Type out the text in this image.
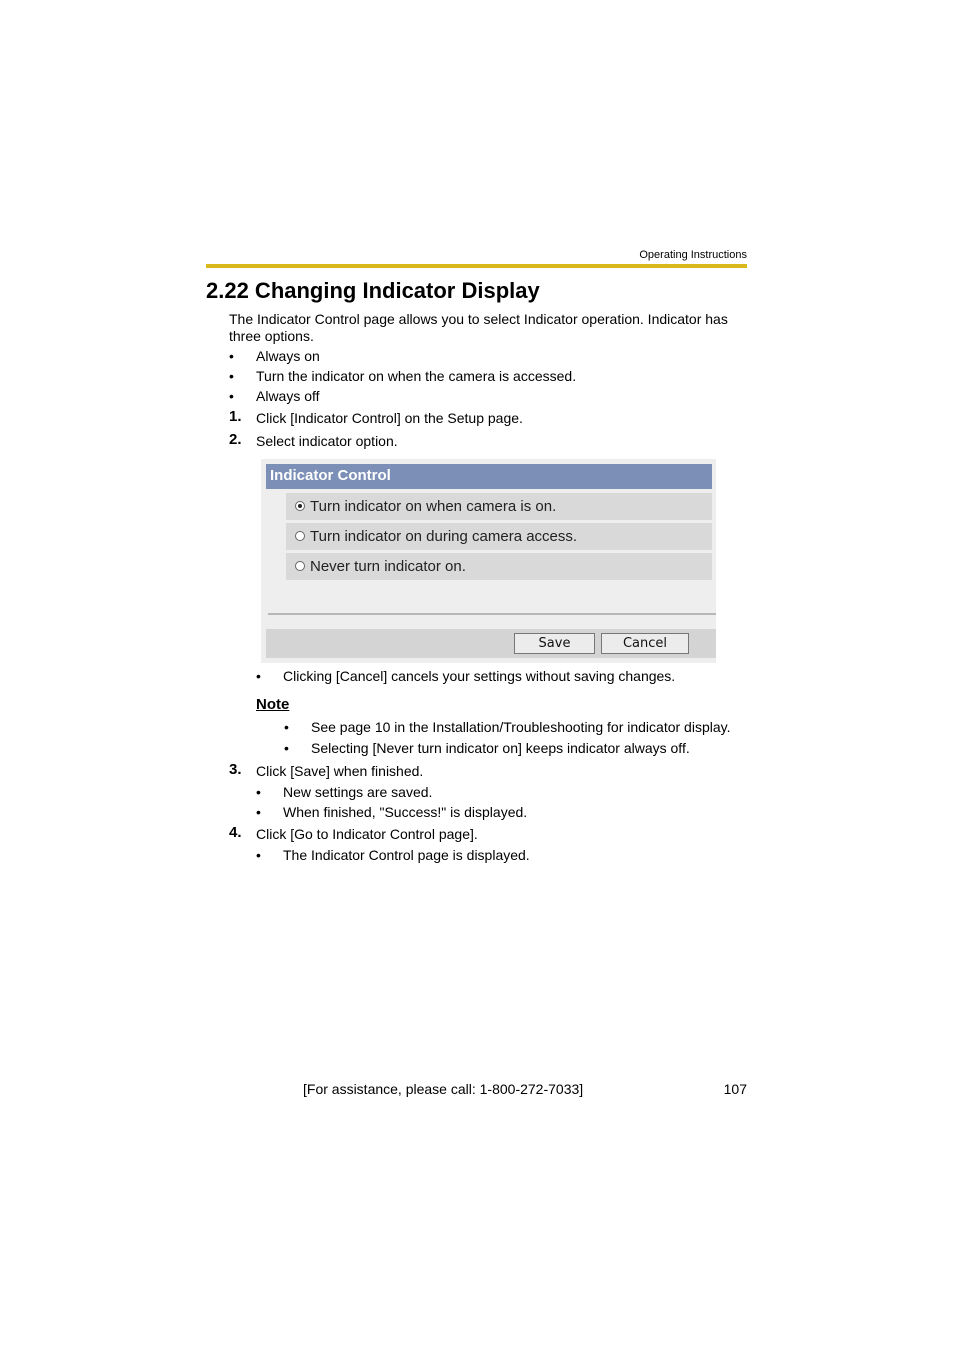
Operating Instructions
2.22 Changing Indicator Display
The Indicator Control page allows you to select Indicator operation. Indicator has
three options.
• Always on
• Turn the indicator on when the camera is accessed.
• Always off
1. Click [Indicator Control] on the Setup page.
2. Select indicator option.
Indicator Control
Turn indicator on when camera is on.
Turn indicator on during camera access.
Never turn indicator on.
Save	Cancel
• Clicking [Cancel] cancels your settings without saving changes.
Note
• See page 10 in the Installation/Troubleshooting for indicator display.
• Selecting [Never turn indicator on] keeps indicator always off.
3. Click [Save] when finished.
• New settings are saved.
• When finished, "Success!" is displayed.
4. Click [Go to Indicator Control page].
• The Indicator Control page is displayed.
[For assistance, please call: 1-800-272-7033]	107
